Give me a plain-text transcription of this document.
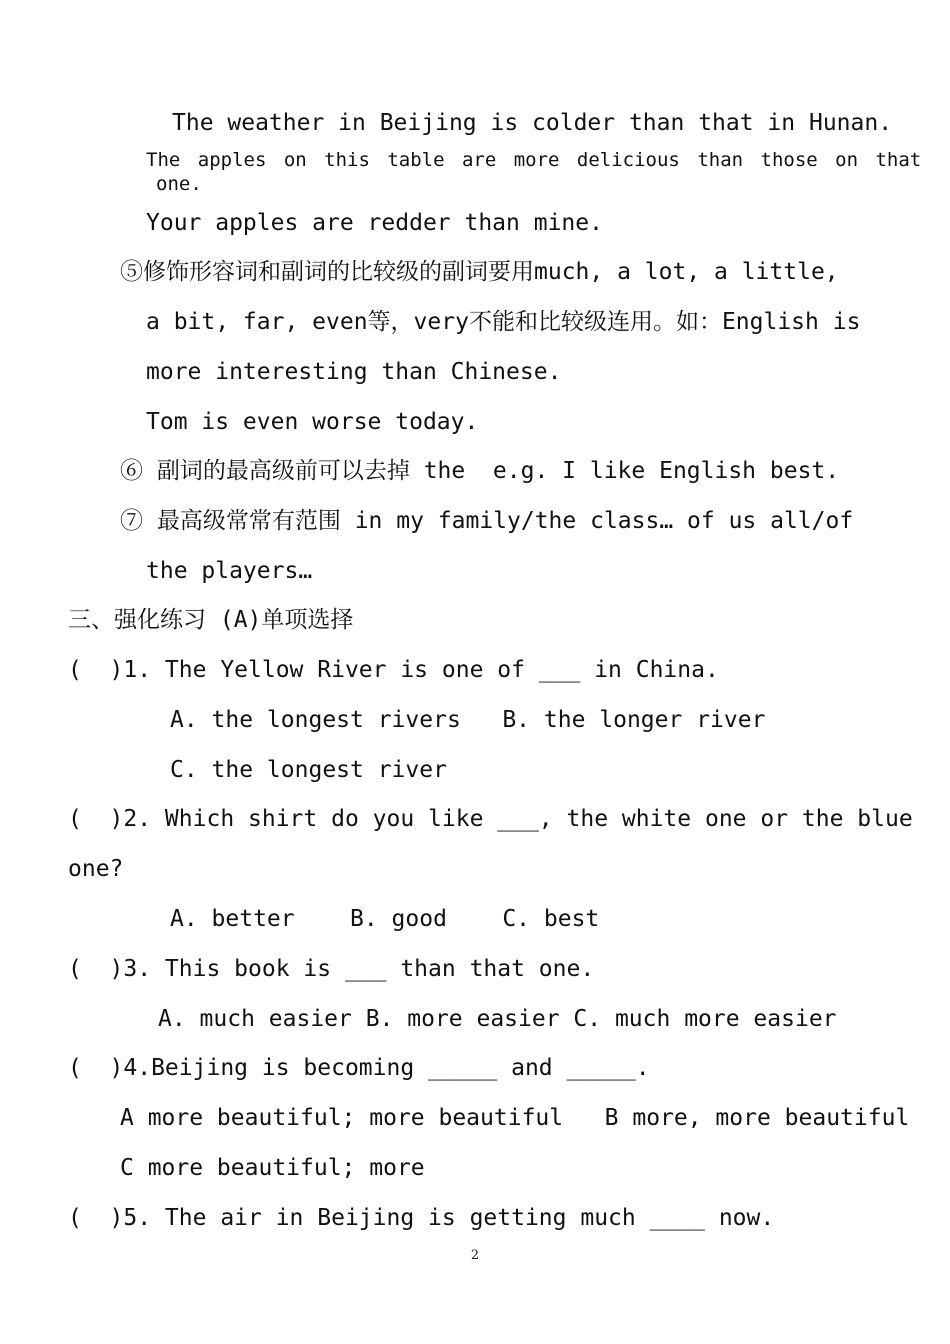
The weather in Beijing is colder than that in Hunan.
The apples on this table are more delicious than those on that
one.
Your apples are redder than mine.
⑤修饰形容词和副词的比较级的副词要用much, a lot, a little,
a bit, far, even等，very不能和比较级连用。如：English is
more interesting than Chinese.
Tom is even worse today.
⑥ 副词的最高级前可以去掉 the  e.g. I like English best.
⑦ 最高级常常有范围 in my family/the class… of us all/of
the players…
三、强化练习 (A)单项选择
(  )1. The Yellow River is one of ___ in China.
A. the longest rivers   B. the longer river
C. the longest river
(  )2. Which shirt do you like ___, the white one or the blue
one?
A. better    B. good    C. best
(  )3. This book is ___ than that one.
A. much easier B. more easier C. much more easier
(  )4.Beijing is becoming _____ and _____.
A more beautiful; more beautiful   B more, more beautiful
C more beautiful; more
(  )5. The air in Beijing is getting much ____ now.
2
